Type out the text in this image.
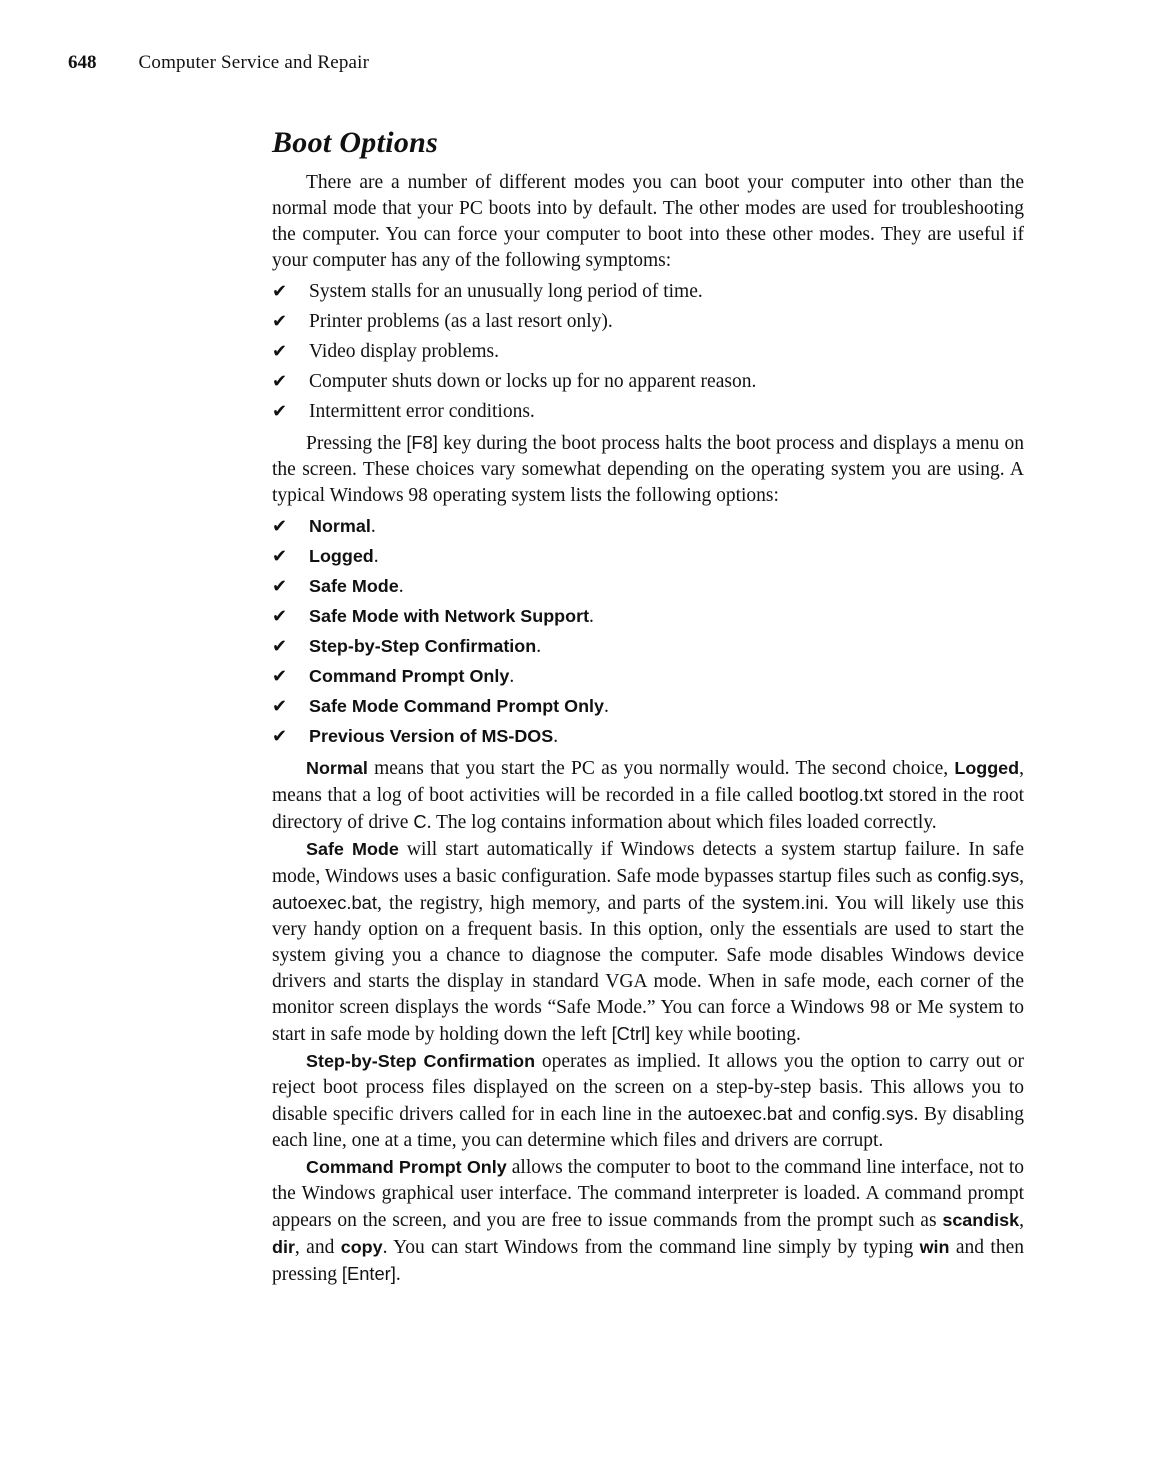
648 Computer Service and Repair
Boot Options

There are a number of different modes you can boot your computer into other than the normal mode that your PC boots into by default. The other modes are used for troubleshooting the computer. You can force your computer to boot into these other modes. They are useful if your computer has any of the following symptoms:

✔ System stalls for an unusually long period of time.
✔ Printer problems (as a last resort only).
✔ Video display problems.
✔ Computer shuts down or locks up for no apparent reason.
✔ Intermittent error conditions.

Pressing the [F8] key during the boot process halts the boot process and displays a menu on the screen. These choices vary somewhat depending on the operating system you are using. A typical Windows 98 operating system lists the following options:

✔ Normal.
✔ Logged.
✔ Safe Mode.
✔ Safe Mode with Network Support.
✔ Step-by-Step Confirmation.
✔ Command Prompt Only.
✔ Safe Mode Command Prompt Only.
✔ Previous Version of MS-DOS.

Normal means that you start the PC as you normally would. The second choice, Logged, means that a log of boot activities will be recorded in a file called bootlog.txt stored in the root directory of drive C. The log contains information about which files loaded correctly.

Safe Mode will start automatically if Windows detects a system startup failure. In safe mode, Windows uses a basic configuration. Safe mode bypasses startup files such as config.sys, autoexec.bat, the registry, high memory, and parts of the system.ini. You will likely use this very handy option on a frequent basis. In this option, only the essentials are used to start the system giving you a chance to diagnose the computer. Safe mode disables Windows device drivers and starts the display in standard VGA mode. When in safe mode, each corner of the monitor screen displays the words “Safe Mode.” You can force a Windows 98 or Me system to start in safe mode by holding down the left [Ctrl] key while booting.

Step-by-Step Confirmation operates as implied. It allows you the option to carry out or reject boot process files displayed on the screen on a step-by-step basis. This allows you to disable specific drivers called for in each line in the autoexec.bat and config.sys. By disabling each line, one at a time, you can determine which files and drivers are corrupt.

Command Prompt Only allows the computer to boot to the command line interface, not to the Windows graphical user interface. The command interpreter is loaded. A command prompt appears on the screen, and you are free to issue commands from the prompt such as scandisk, dir, and copy. You can start Windows from the command line simply by typing win and then pressing [Enter].
